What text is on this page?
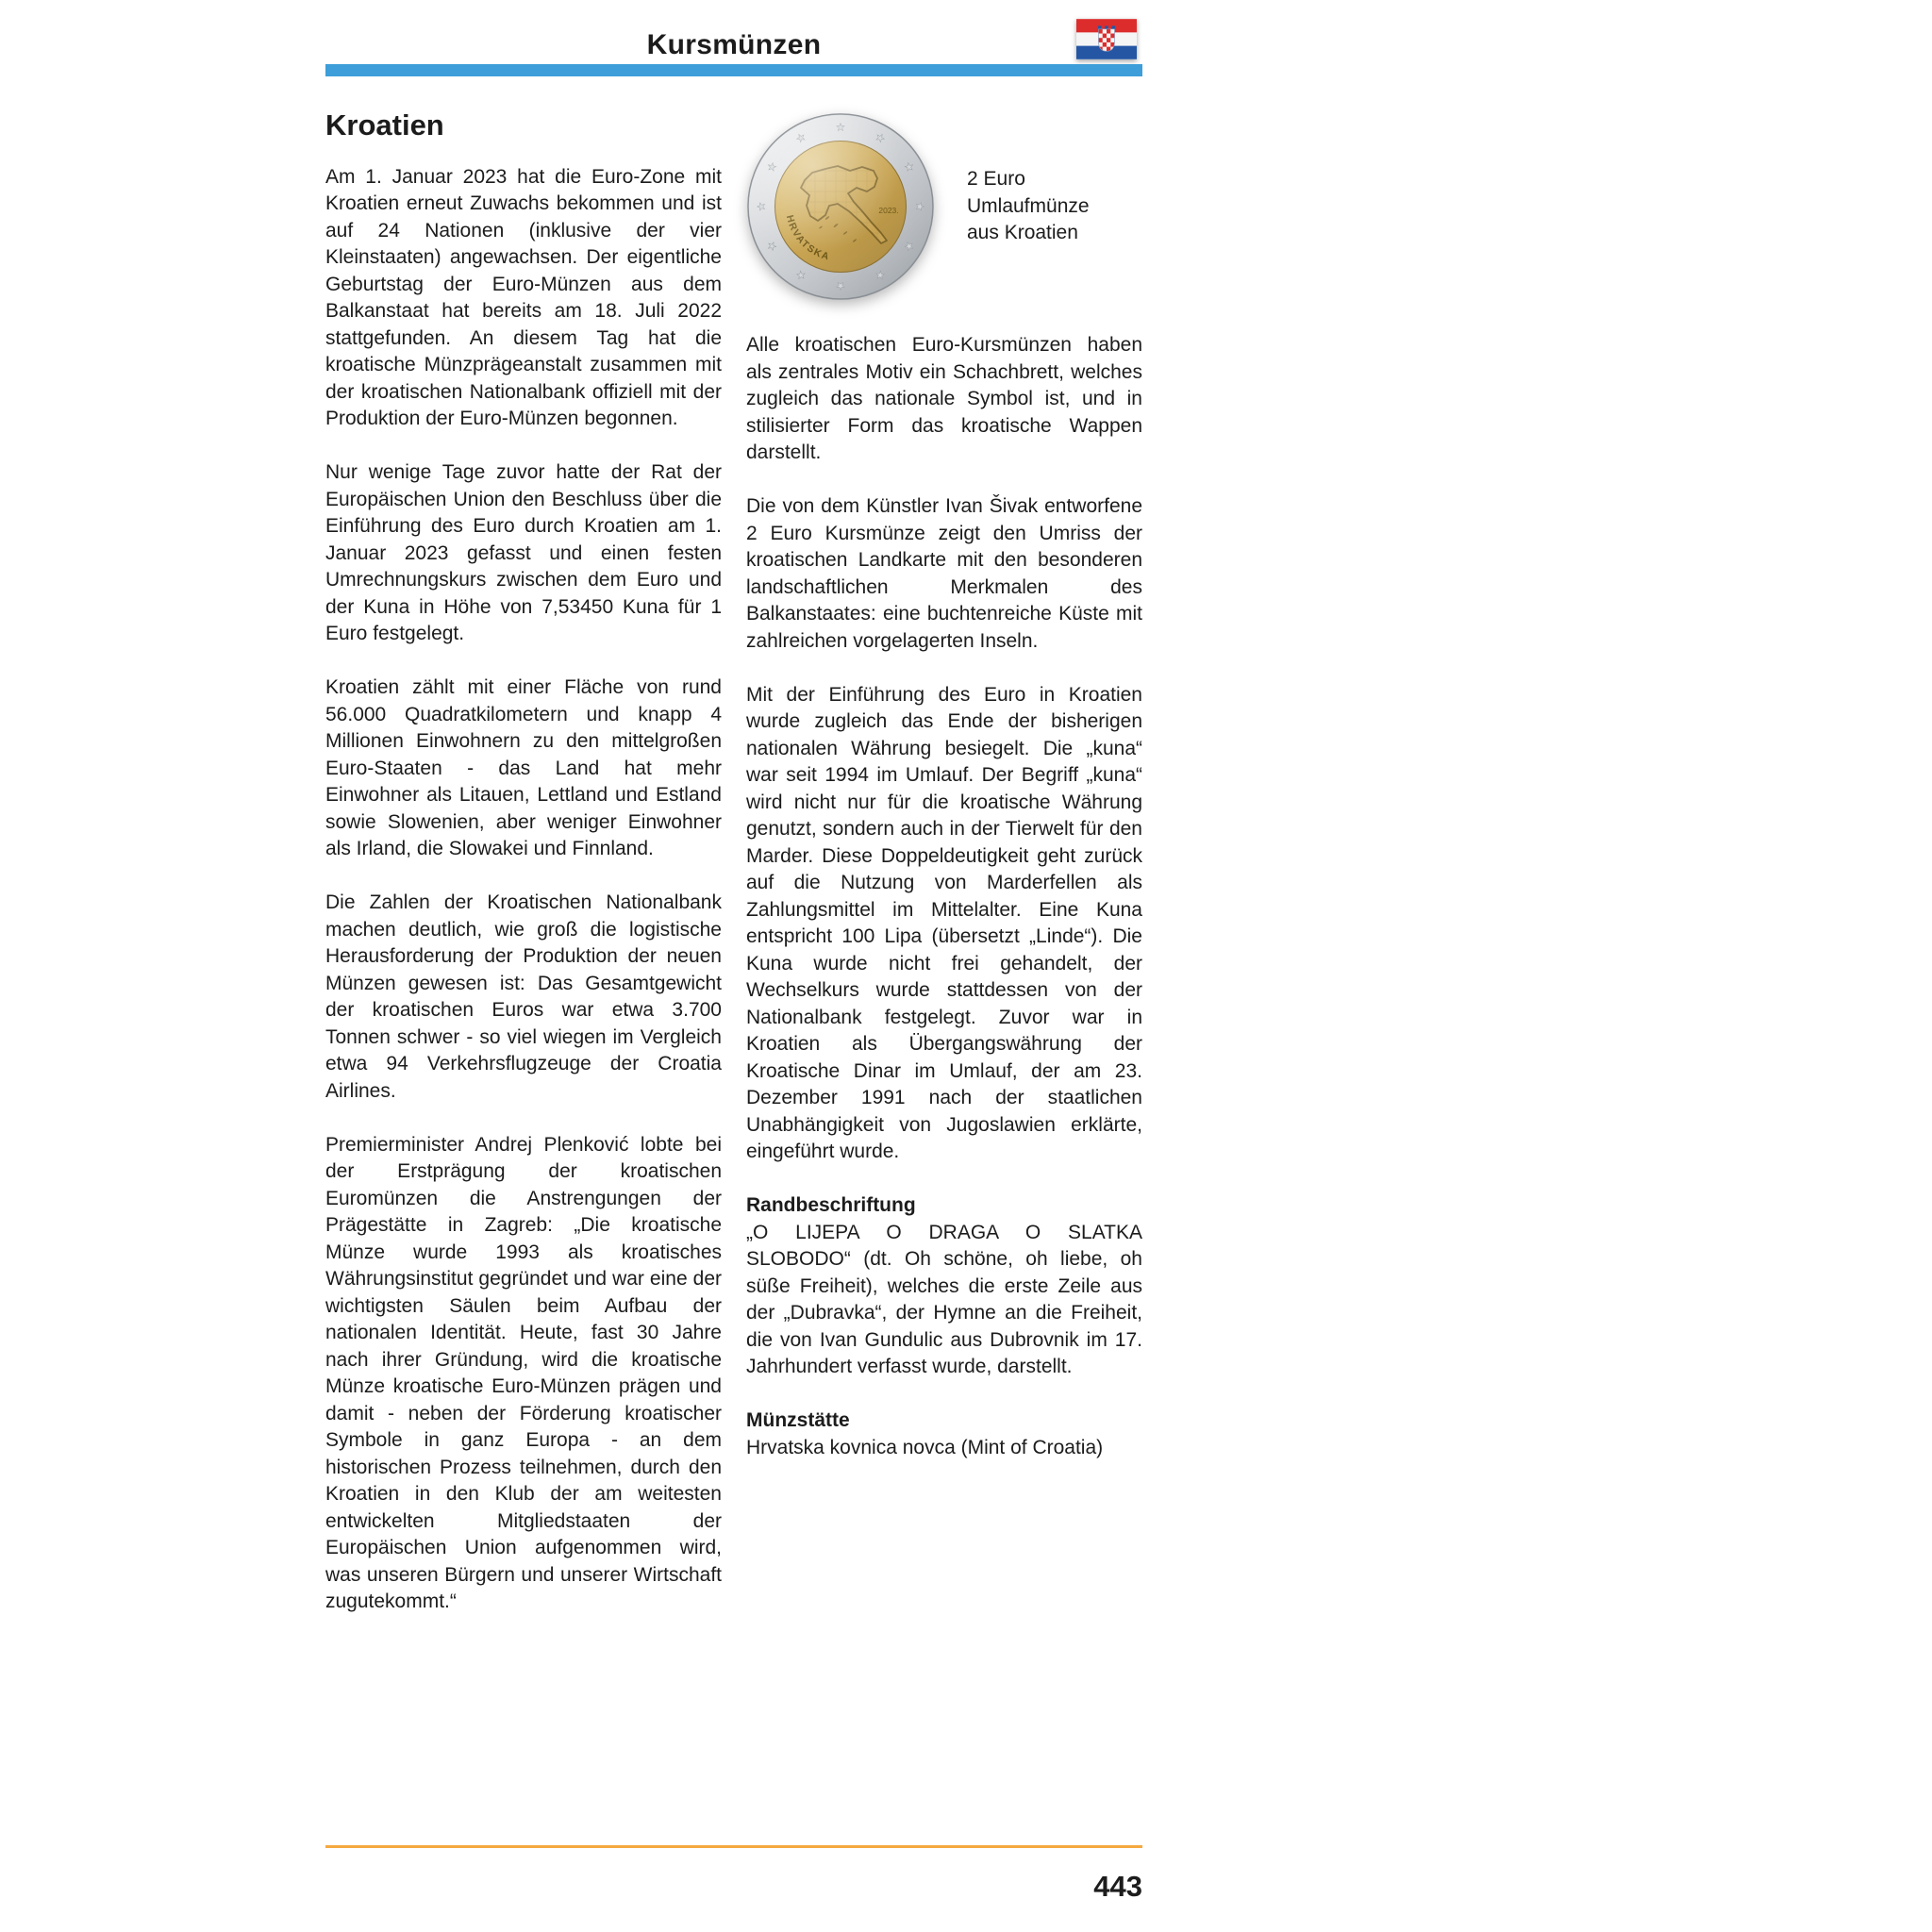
Kursmünzen
Kroatien

Am 1. Januar 2023 hat die Euro-Zone mit Kroatien erneut Zuwachs bekommen und ist auf 24 Nationen (inklusive der vier Kleinstaaten) angewachsen. Der eigentliche Geburtstag der Euro-Münzen aus dem Balkanstaat hat bereits am 18. Juli 2022 stattgefunden. An diesem Tag hat die kroatische Münzprägeanstalt zusammen mit der kroatischen Nationalbank offiziell mit der Produktion der Euro-Münzen begonnen.

Nur wenige Tage zuvor hatte der Rat der Europäischen Union den Beschluss über die Einführung des Euro durch Kroatien am 1. Januar 2023 gefasst und einen festen Umrechnungskurs zwischen dem Euro und der Kuna in Höhe von 7,53450 Kuna für 1 Euro festgelegt.

Kroatien zählt mit einer Fläche von rund 56.000 Quadratkilometern und knapp 4 Millionen Einwohnern zu den mittelgroßen Euro-Staaten - das Land hat mehr Einwohner als Litauen, Lettland und Estland sowie Slowenien, aber weniger Einwohner als Irland, die Slowakei und Finnland.

Die Zahlen der Kroatischen Nationalbank machen deutlich, wie groß die logistische Herausforderung der Produktion der neuen Münzen gewesen ist: Das Gesamtgewicht der kroatischen Euros war etwa 3.700 Tonnen schwer - so viel wiegen im Vergleich etwa 94 Verkehrsflugzeuge der Croatia Airlines.

Premierminister Andrej Plenković lobte bei der Erstprägung der kroatischen Euromünzen die Anstrengungen der Prägestätte in Zagreb: „Die kroatische Münze wurde 1993 als kroatisches Währungsinstitut gegründet und war eine der wichtigsten Säulen beim Aufbau der nationalen Identität. Heute, fast 30 Jahre nach ihrer Gründung, wird die kroatische Münze kroatische Euro-Münzen prägen und damit - neben der Förderung kroatischer Symbole in ganz Europa - an dem historischen Prozess teilnehmen, durch den Kroatien in den Klub der am weitesten entwickelten Mitgliedstaaten der Europäischen Union aufgenommen wird, was unseren Bürgern und unserer Wirtschaft zugutekommt.“

2 Euro Umlaufmünze
aus Kroatien

Alle kroatischen Euro-Kursmünzen haben als zentrales Motiv ein Schachbrett, welches zugleich das nationale Symbol ist, und in stilisierter Form das kroatische Wappen darstellt.

Die von dem Künstler Ivan Šivak entworfene 2 Euro Kursmünze zeigt den Umriss der kroatischen Landkarte mit den besonderen landschaftlichen Merkmalen des Balkanstaates: eine buchtenreiche Küste mit zahlreichen vorgelagerten Inseln.

Mit der Einführung des Euro in Kroatien wurde zugleich das Ende der bisherigen nationalen Währung besiegelt. Die „kuna“ war seit 1994 im Umlauf. Der Begriff „kuna“ wird nicht nur für die kroatische Währung genutzt, sondern auch in der Tierwelt für den Marder. Diese Doppeldeutigkeit geht zurück auf die Nutzung von Marderfellen als Zahlungsmittel im Mittelalter. Eine Kuna entspricht 100 Lipa (übersetzt „Linde“). Die Kuna wurde nicht frei gehandelt, der Wechselkurs wurde stattdessen von der Nationalbank festgelegt. Zuvor war in Kroatien als Übergangswährung der Kroatische Dinar im Umlauf, der am 23. Dezember 1991 nach der staatlichen Unabhängigkeit von Jugoslawien erklärte, eingeführt wurde.

Randbeschriftung

„O LIJEPA O DRAGA O SLATKA SLOBODO“ (dt. Oh schöne, oh liebe, oh süße Freiheit), welches die erste Zeile aus der „Dubravka“, der Hymne an die Freiheit, die von Ivan Gundulic aus Dubrovnik im 17. Jahrhundert verfasst wurde, darstellt.

Münzstätte

Hrvatska kovnica novca (Mint of Croatia)

443
